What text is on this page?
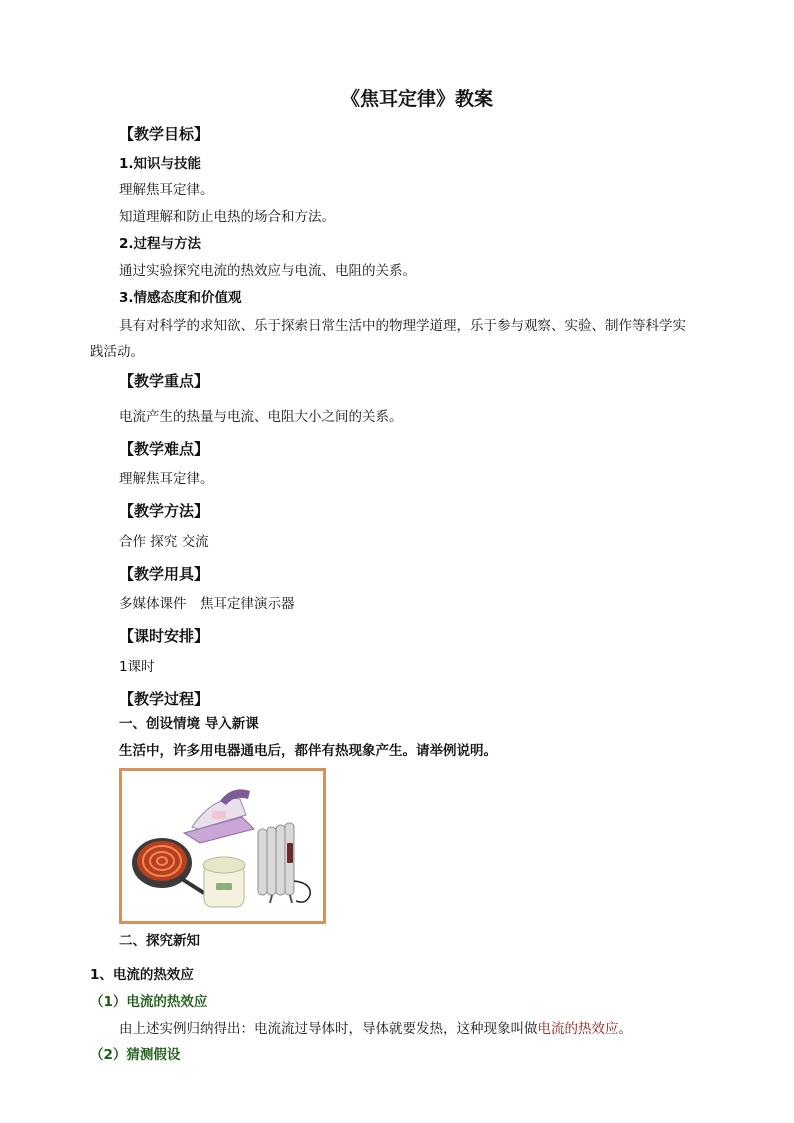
《焦耳定律》教案
【教学目标】
1.知识与技能
理解焦耳定律。
知道理解和防止电热的场合和方法。
2.过程与方法
通过实验探究电流的热效应与电流、电阻的关系。
3.情感态度和价值观
具有对科学的求知欲、乐于探索日常生活中的物理学道理，乐于参与观察、实验、制作等科学实
践活动。
【教学重点】
电流产生的热量与电流、电阻大小之间的关系。
【教学难点】
理解焦耳定律。
【教学方法】
合作 探究 交流
【教学用具】
多媒体课件　焦耳定律演示器
【课时安排】
1课时
【教学过程】
一、创设情境 导入新课
生活中，许多用电器通电后，都伴有热现象产生。请举例说明。
二、探究新知
1、电流的热效应
（1）电流的热效应
由上述实例归纳得出：电流流过导体时，导体就要发热，这种现象叫做电流的热效应。
（2）猜测假设
